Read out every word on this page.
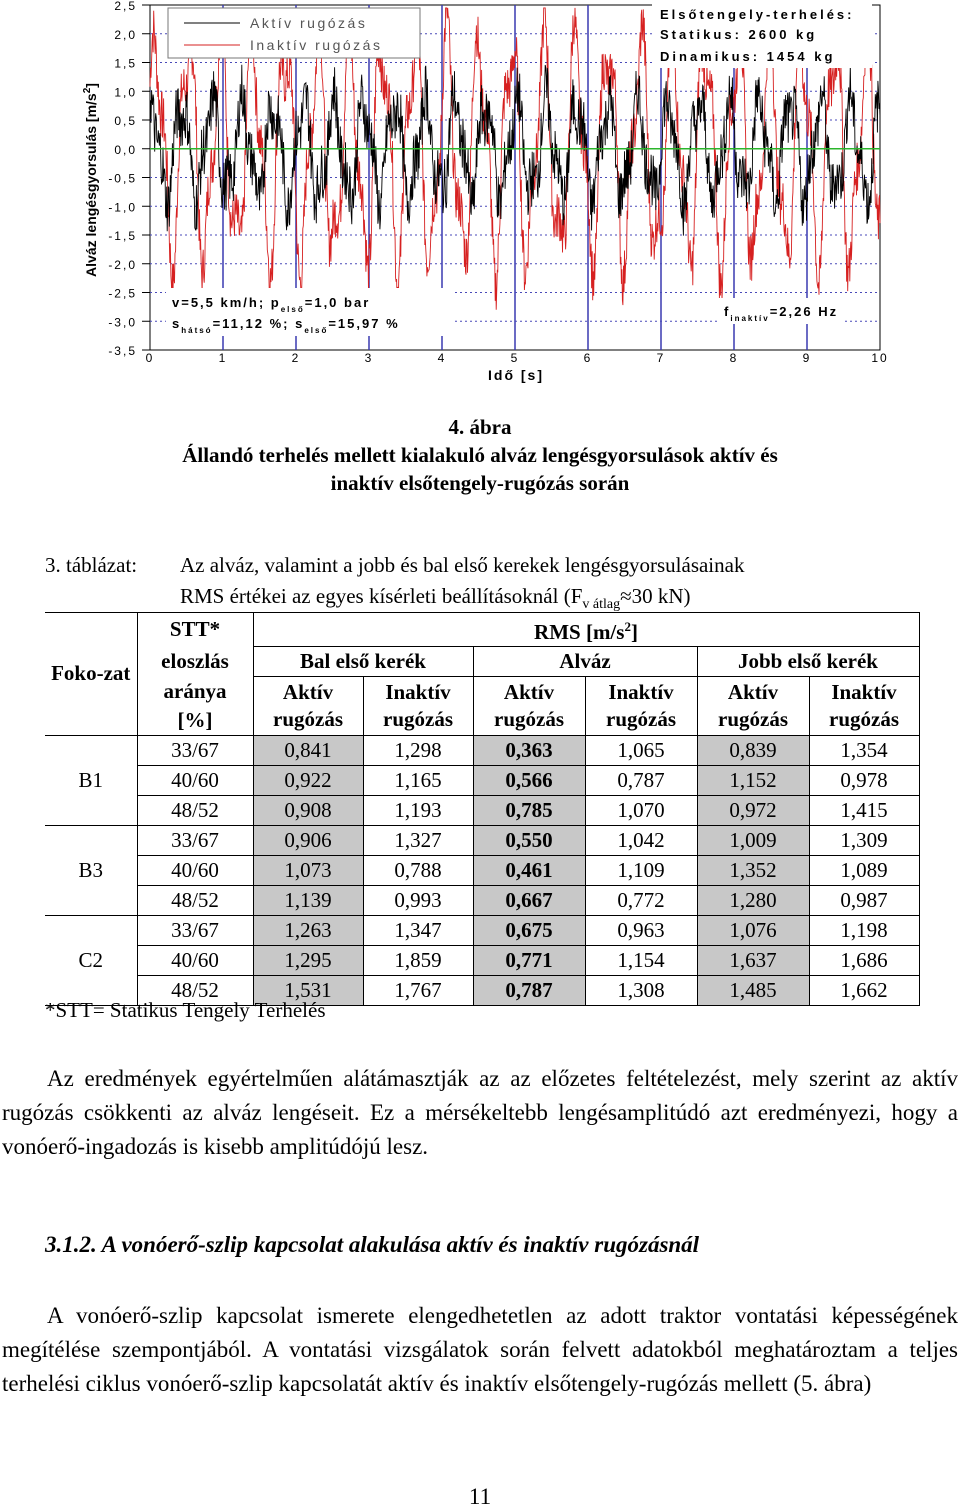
2,5
2,0
1,5
1,0
0,5
0,0
-0,5
-1,0
-1,5
-2,0
-2,5
-3,0
-3,5 0	1	2	3	4	5	6	7	8	9	10
Alváz lengésgyorsulás $[m/s^2]$
Idő [s]
Aktív rugózás
Inaktív rugózás
Elsőtengely-terhelés:
Statikus: 2600 kg
Dinamikus: 1454 kg
v=5,5 km/h; $p_{első}=1,0$ bar
$s_{hátsó}=11,12$ %; $s_{első}=15,97$ %
$f_{inaktív}=2,26$ Hz
4. ábra
Állandó terhelés mellett kialakuló alváz lengésgyorsulások aktív és
inaktív elsőtengely-rugózás során
3. táblázat: Az alváz, valamint a jobb és bal első kerekek lengésgyorsulásainak
RMS értékei az egyes kísérleti beállításoknál ($F_{v átlag}\approx 30$ kN)
Foko-zat	STT*	RMS $[m/s^2]$					
	eloszlás	Bal első kerék		Alváz		Jobb első kerék	
	aránya	Aktív rugózás	Inaktív rugózás	Aktív rugózás	Inaktív rugózás	Aktív rugózás	Inaktív rugózás
	[%]						
B1	33/67	0,841	1,298	0,363	1,065	0,839	1,354
	40/60	0,922	1,165	0,566	0,787	1,152	0,978
	48/52	0,908	1,193	0,785	1,070	0,972	1,415
B3	33/67	0,906	1,327	0,550	1,042	1,009	1,309
	40/60	1,073	0,788	0,461	1,109	1,352	1,089
	48/52	1,139	0,993	0,667	0,772	1,280	0,987
C2	33/67	1,263	1,347	0,675	0,963	1,076	1,198
	40/60	1,295	1,859	0,771	1,154	1,637	1,686
	48/52	1,531	1,767	0,787	1,308	1,485	1,662
*STT= Statikus Tengely Terhelés
Az eredmények egyértelműen alátámasztják az az előzetes feltételezést, mely szerint az aktív rugózás csökkenti az alváz lengéseit. Ez a mérsékeltebb lengésamplitúdó azt eredményezi, hogy a vonóerő-ingadozás is kisebb amplitúdójú lesz.
3.1.2. A vonóerő-szlip kapcsolat alakulása aktív és inaktív rugózásnál
A vonóerő-szlip kapcsolat ismerete elengedhetetlen az adott traktor vontatási képességének megítélése szempontjából. A vontatási vizsgálatok során felvett adatokból meghatároztam a teljes terhelési ciklus vonóerő-szlip kapcsolatát aktív és inaktív elsőtengely-rugózás mellett (5. ábra)
11
